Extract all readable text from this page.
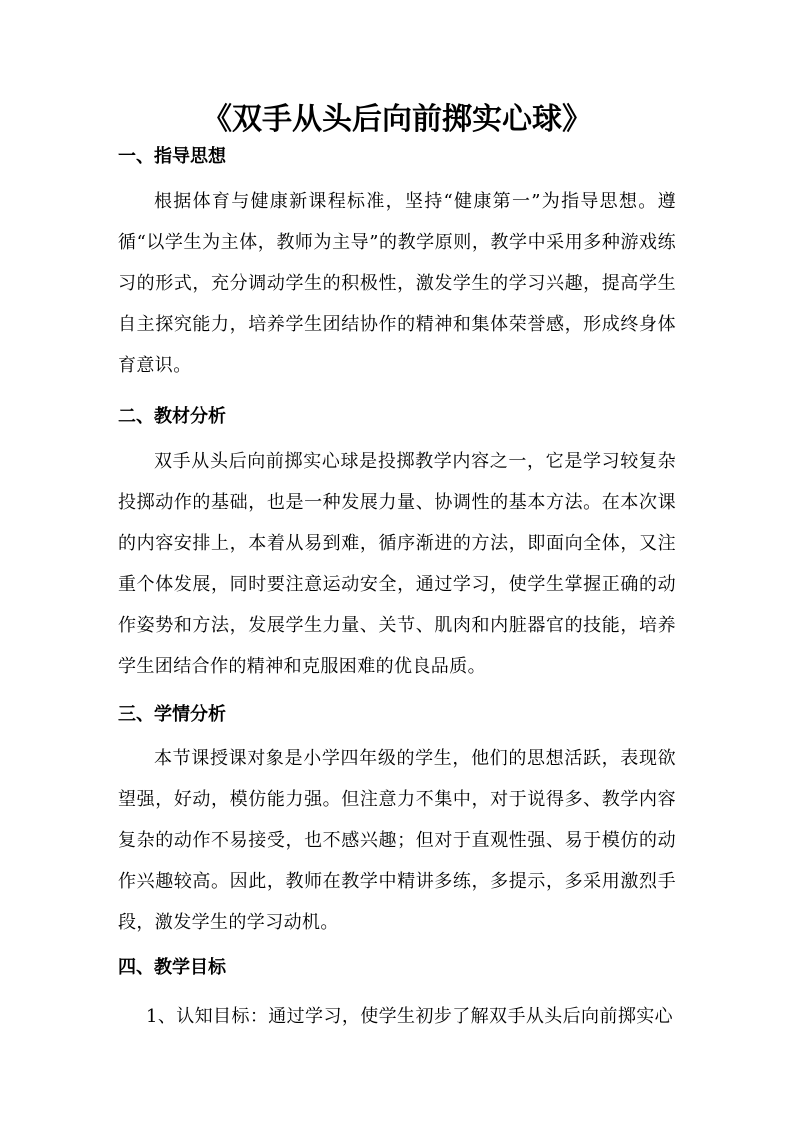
《双手从头后向前掷实心球》
一、指导思想

根据体育与健康新课程标准，坚持“健康第一”为指导思想。遵循“以学生为主体，教师为主导”的教学原则，教学中采用多种游戏练习的形式，充分调动学生的积极性，激发学生的学习兴趣，提高学生自主探究能力，培养学生团结协作的精神和集体荣誉感，形成终身体育意识。

二、教材分析

双手从头后向前掷实心球是投掷教学内容之一，它是学习较复杂投掷动作的基础，也是一种发展力量、协调性的基本方法。在本次课的内容安排上，本着从易到难，循序渐进的方法，即面向全体，又注重个体发展，同时要注意运动安全，通过学习，使学生掌握正确的动作姿势和方法，发展学生力量、关节、肌肉和内脏器官的技能，培养学生团结合作的精神和克服困难的优良品质。

三、学情分析

本节课授课对象是小学四年级的学生，他们的思想活跃，表现欲望强，好动，模仿能力强。但注意力不集中，对于说得多、教学内容复杂的动作不易接受，也不感兴趣；但对于直观性强、易于模仿的动作兴趣较高。因此，教师在教学中精讲多练，多提示，多采用激烈手段，激发学生的学习动机。

四、教学目标

1、认知目标：通过学习，使学生初步了解双手从头后向前掷实心
